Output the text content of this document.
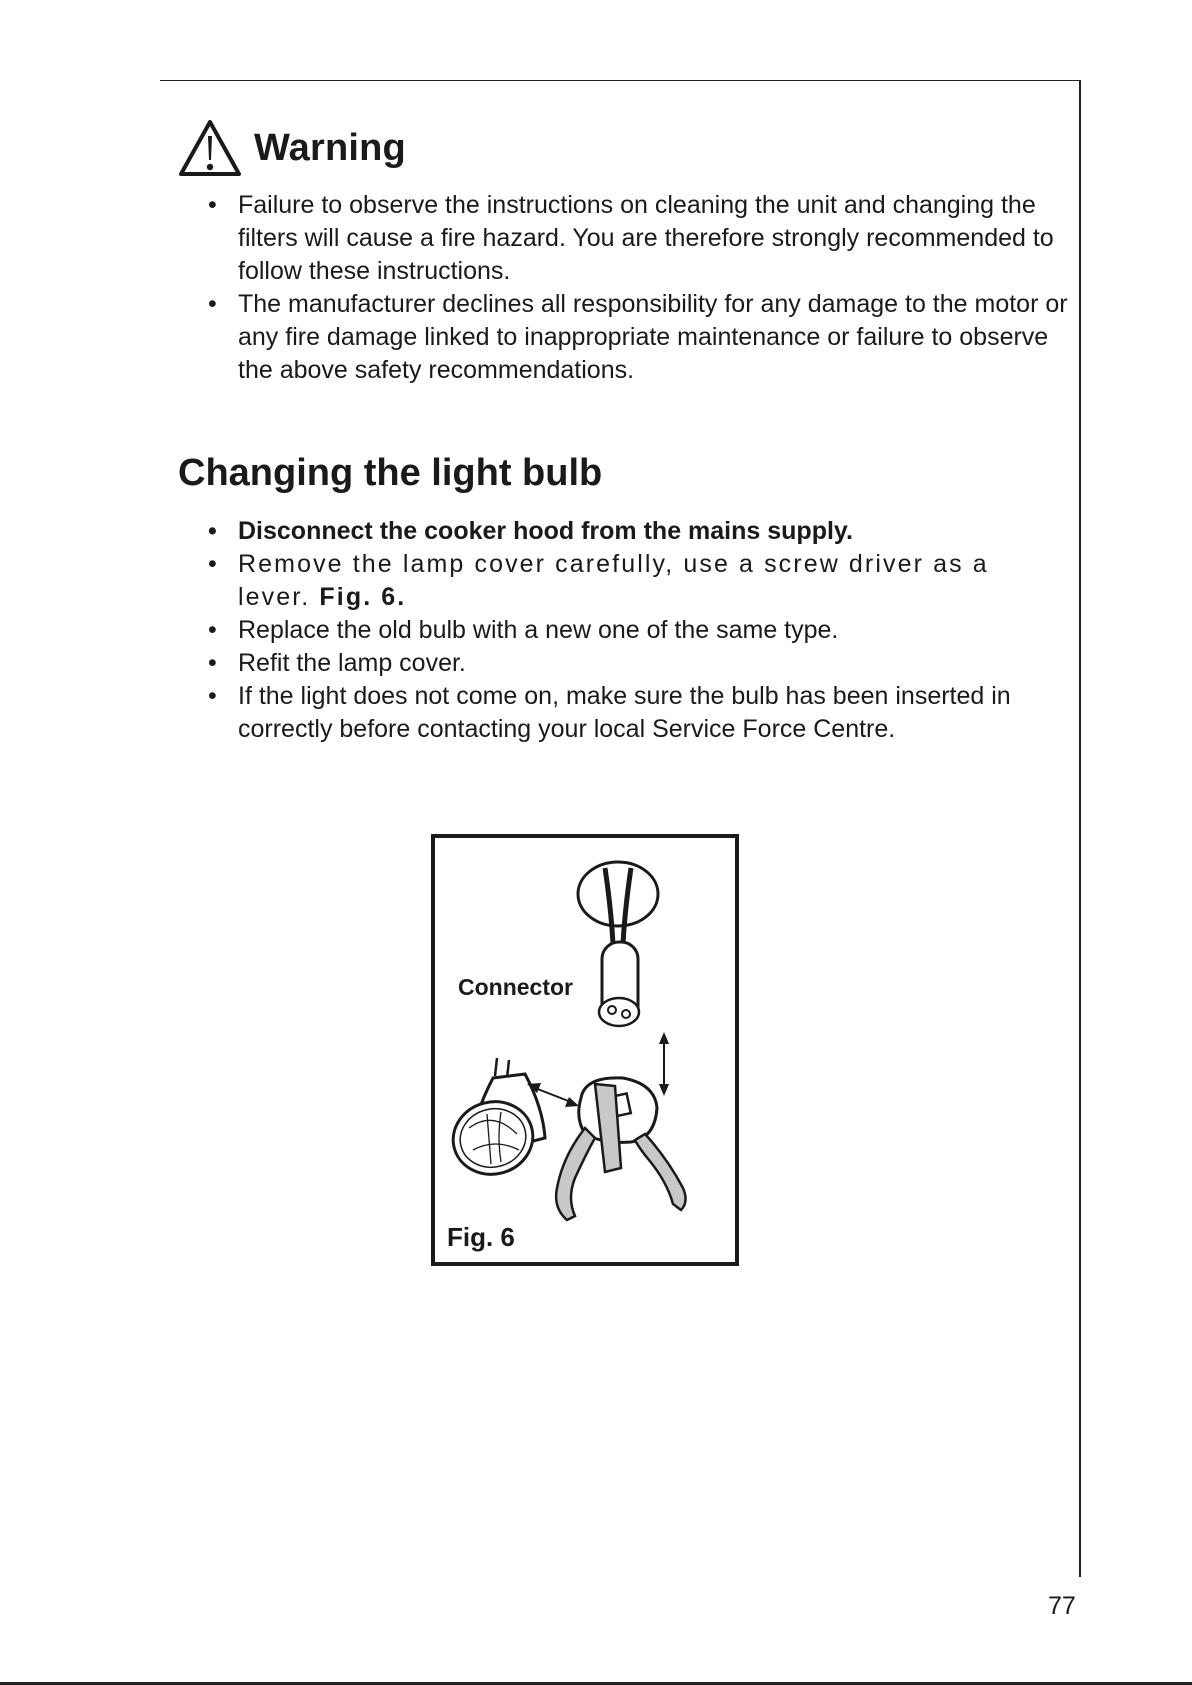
Warning
• Failure to observe the instructions on cleaning the unit and changing the filters will cause a fire hazard. You are therefore strongly recommended to follow these instructions.
• The manufacturer declines all responsibility for any damage to the motor or any fire damage linked to inappropriate maintenance or failure to observe the above safety recommendations.
Changing the light bulb
• Disconnect the cooker hood from the mains supply.
• Remove the lamp cover carefully, use a screw driver as a lever. Fig. 6.
• Replace the old bulb with a new one of the same type.
• Refit the lamp cover.
• If the light does not come on, make sure the bulb has been inserted in correctly before contacting your local Service Force Centre.
Connector
Fig. 6
77
